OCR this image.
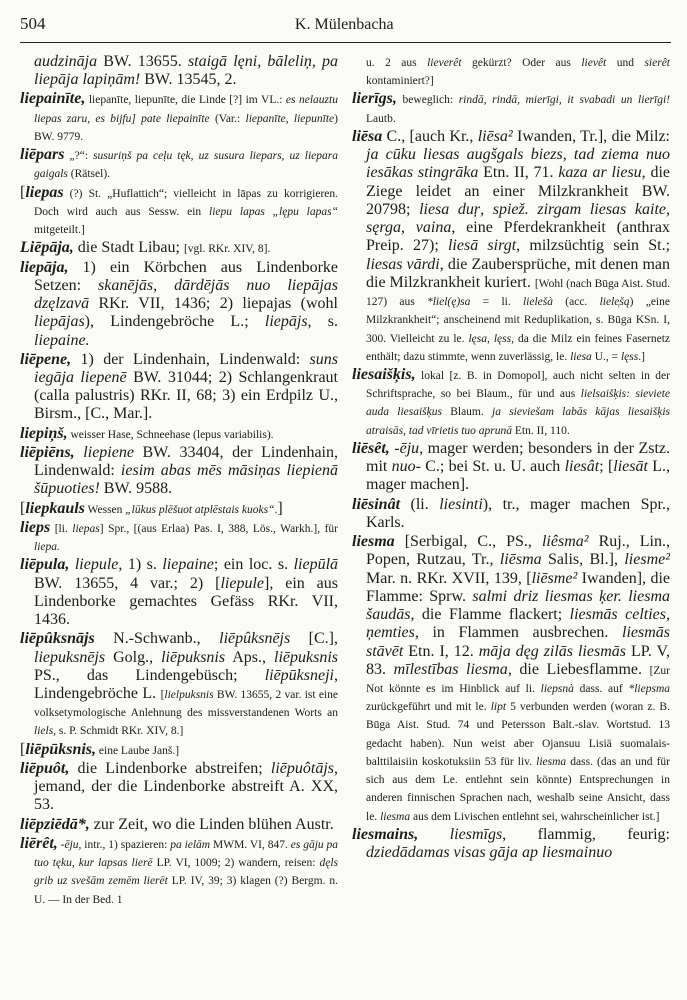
504	K. Mülenbacha

audzināja BW. 13655. staigā lęni, bāleliņ, pa liepāja lapiņām! BW. 13545, 2.

liepainīte, liepanīte, liepunīte, die Linde [?] im VL.: es nelauztu liepas zaru, es bijfu] pate liepainīte (Var.: liepanīte, liepunīte) BW. 9779.

liēpars „?“: susuriņš pa ceļu tęk, uz susura liepars, uz liepara gaigals (Rätsel).

[liepas (?) St. „Huflattich“; vielleicht in lāpas zu korrigieren. Doch wird auch aus Sessw. ein liepu lapas „lępu lapas“ mitgeteilt.]

Liēpāja, die Stadt Libau; [vgl. RKr. XIV, 8].

liepāja, 1) ein Körbchen aus Lindenborke Setzen: skanējās, dārdējās nuo liepājas dzęlzavā RKr. VII, 1436; 2) liepajas (wohl liepājas), Lindengebröche L.; liepājs, s. liepaine.

liēpene, 1) der Lindenhain, Lindenwald: suns iegāja liepenē BW. 31044; 2) Schlangenkraut (calla palustris) RKr. II, 68; 3) ein Erdpilz U., Birsm., [C., Mar.].

liepiņš, weisser Hase, Schneehase (lepus variabilis).

liēpiēns, liepiene BW. 33404, der Lindenhain, Lindenwald: iesim abas mēs māsiņas liepienā šūpuoties! BW. 9588.

[liepkauls Wessen „lūkus plēšuot atplēstais kuoks“.]

lieps [li. liepas] Spr., [(aus Erlaa) Pas. I, 388, Lös., Warkh.], für liepa.

liēpula, liepule, 1) s. liepaine; ein loc. s. liepūlā BW. 13655, 4 var.; 2) [liepule], ein aus Lindenborke gemachtes Gefäss RKr. VII, 1436.

liēpûksnājs N.-Schwanb., liēpûksnējs [C.], liepuksnējs Golg., liēpuksnis Aps., liēpuksnis PS., das Lindengebüsch; liēpūksneji, Lindengebröche L. [lielpuksnis BW. 13655, 2 var. ist eine volksetymologische Anlehnung des missverstandenen Worts an liels, s. P. Schmidt RKr. XIV, 8.]

[liēpūksnis, eine Laube Janš.]

liēpuôt, die Lindenborke abstreifen; liēpuôtājs, jemand, der die Lindenborke abstreift A. XX, 53.

liēpziēdā*, zur Zeit, wo die Linden blühen Austr.

liērêt, -ēju, intr., 1) spazieren: pa ielām MWM. VI, 847. es gāju pa tuo tęku, kur lapsas lierē LP. VI, 1009; 2) wandern, reisen: dęls grib uz svešām zemēm lierēt LP. IV, 39; 3) klagen (?) Bergm. n. U. — In der Bed. 1

u. 2 aus lieverêt gekürzt? Oder aus lievêt und sierêt kontaminiert?]

lierīgs, beweglich: rindā, rindā, mierīgi, it svabadi un lierīgi! Lautb.

liēsa C., [auch Kr., liēsa² Iwanden, Tr.], die Milz: ja cūku liesas augšgals biezs, tad ziema nuo iesākas stingrāka Etn. II, 71. kaza ar liesu, die Ziege leidet an einer Milzkrankheit BW. 20798; liesa duŗ, spiež. zirgam liesas kaite, sęrga, vaina, eine Pferdekrankheit (anthrax Preip. 27); liesā sirgt, milzsüchtig sein St.; liesas vārdi, die Zaubersprüche, mit denen man die Milzkrankheit kuriert. [Wohl (nach Būga Aist. Stud. 127) aus *liel(ę)sa = li. lielešà (acc. liele̜šą) „eine Milzkrankheit“; anscheinend mit Reduplikation, s. Būga KSn. I, 300. Vielleicht zu le. lęsa, lęss, da die Milz ein feines Fasernetz enthält; dazu stimmte, wenn zuverlässig, le. liesa U., = lęss.]

liesaišķis, lokal [z. B. in Domopol], auch nicht selten in der Schriftsprache, so bei Blaum., für und aus lielsaišķis: sieviete auda liesaišķus Blaum. ja sieviešam labās kājas liesaišķis atraisās, tad vīrietis tuo aprunā Etn. II, 110.

liēsêt, -ēju, mager werden; besonders in der Zstz. mit nuo- C.; bei St. u. U. auch liesât; [liesāt L., mager machen].

liēsinât (li. liesinti), tr., mager machen Spr., Karls.

liesma [Serbigal, C., PS., liêsma² Ruj., Lin., Popen, Rutzau, Tr., liēsma Salis, Bl.], liesme² Mar. n. RKr. XVII, 139, [liēsme² Iwanden], die Flamme: Sprw. salmi driz liesmas ķer. liesma šaudās, die Flamme flackert; liesmās celties, ņemties, in Flammen ausbrechen. liesmās stāvēt Etn. I, 12. māja dęg zilās liesmās LP. V, 83. mīlestības liesma, die Liebesflamme. [Zur Not könnte es im Hinblick auf li. liepsnà dass. auf *liepsma zurückgeführt und mit le. lipt 5 verbunden werden (woran z. B. Būga Aist. Stud. 74 und Petersson Balt.-slav. Wortstud. 13 gedacht haben). Nun weist aber Ojansuu Lisiä suomalais-balttilaisiin koskotuksiin 53 für liv. liesma dass. (das an und für sich aus dem Le. entlehnt sein könnte) Entsprechungen in anderen finnischen Sprachen nach, weshalb seine Ansicht, dass le. liesma aus dem Livischen entlehnt sei, wahrscheinlicher ist.]

liesmains, liesmīgs, flammig, feurig: dziedādamas visas gāja ap liesmainuo
